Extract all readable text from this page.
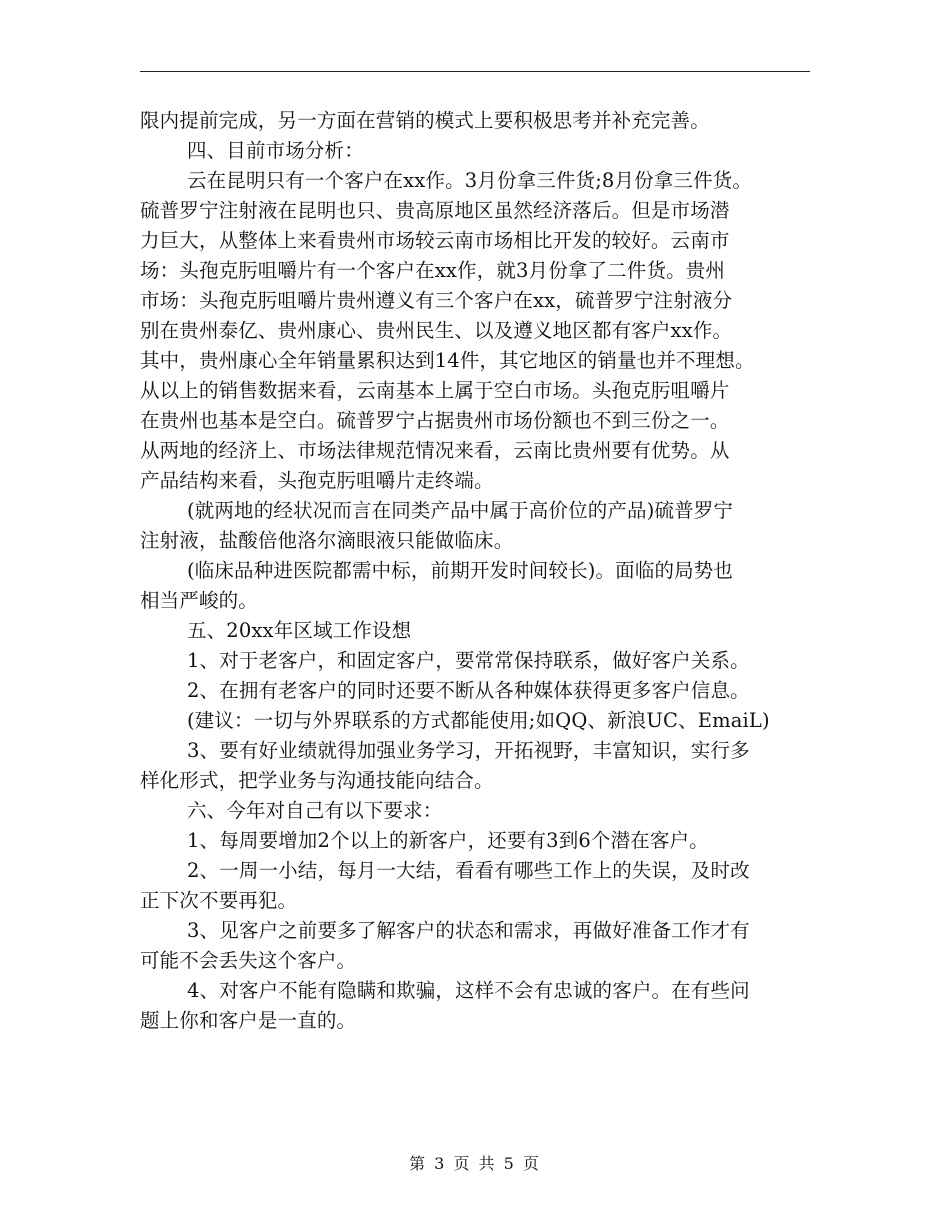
限内提前完成，另一方面在营销的模式上要积极思考并补充完善。
四、目前市场分析：
云在昆明只有一个客户在xx作。3月份拿三件货;8月份拿三件货。
硫普罗宁注射液在昆明也只、贵高原地区虽然经济落后。但是市场潜
力巨大，从整体上来看贵州市场较云南市场相比开发的较好。云南市
场：头孢克肟咀嚼片有一个客户在xx作，就3月份拿了二件货。贵州
市场：头孢克肟咀嚼片贵州遵义有三个客户在xx，硫普罗宁注射液分
别在贵州泰亿、贵州康心、贵州民生、以及遵义地区都有客户xx作。
其中，贵州康心全年销量累积达到14件，其它地区的销量也并不理想。
从以上的销售数据来看，云南基本上属于空白市场。头孢克肟咀嚼片
在贵州也基本是空白。硫普罗宁占据贵州市场份额也不到三份之一。
从两地的经济上、市场法律规范情况来看，云南比贵州要有优势。从
产品结构来看，头孢克肟咀嚼片走终端。
(就两地的经状况而言在同类产品中属于高价位的产品)硫普罗宁
注射液，盐酸倍他洛尔滴眼液只能做临床。
(临床品种进医院都需中标，前期开发时间较长)。面临的局势也
相当严峻的。
五、20xx年区域工作设想
1、对于老客户，和固定客户，要常常保持联系，做好客户关系。
2、在拥有老客户的同时还要不断从各种媒体获得更多客户信息。
(建议：一切与外界联系的方式都能使用;如QQ、新浪UC、EmaiL)
3、要有好业绩就得加强业务学习，开拓视野，丰富知识，实行多
样化形式，把学业务与沟通技能向结合。
六、今年对自己有以下要求：
1、每周要增加2个以上的新客户，还要有3到6个潜在客户。
2、一周一小结，每月一大结，看看有哪些工作上的失误，及时改
正下次不要再犯。
3、见客户之前要多了解客户的状态和需求，再做好准备工作才有
可能不会丢失这个客户。
4、对客户不能有隐瞒和欺骗，这样不会有忠诚的客户。在有些问
题上你和客户是一直的。
第 3 页 共 5 页
